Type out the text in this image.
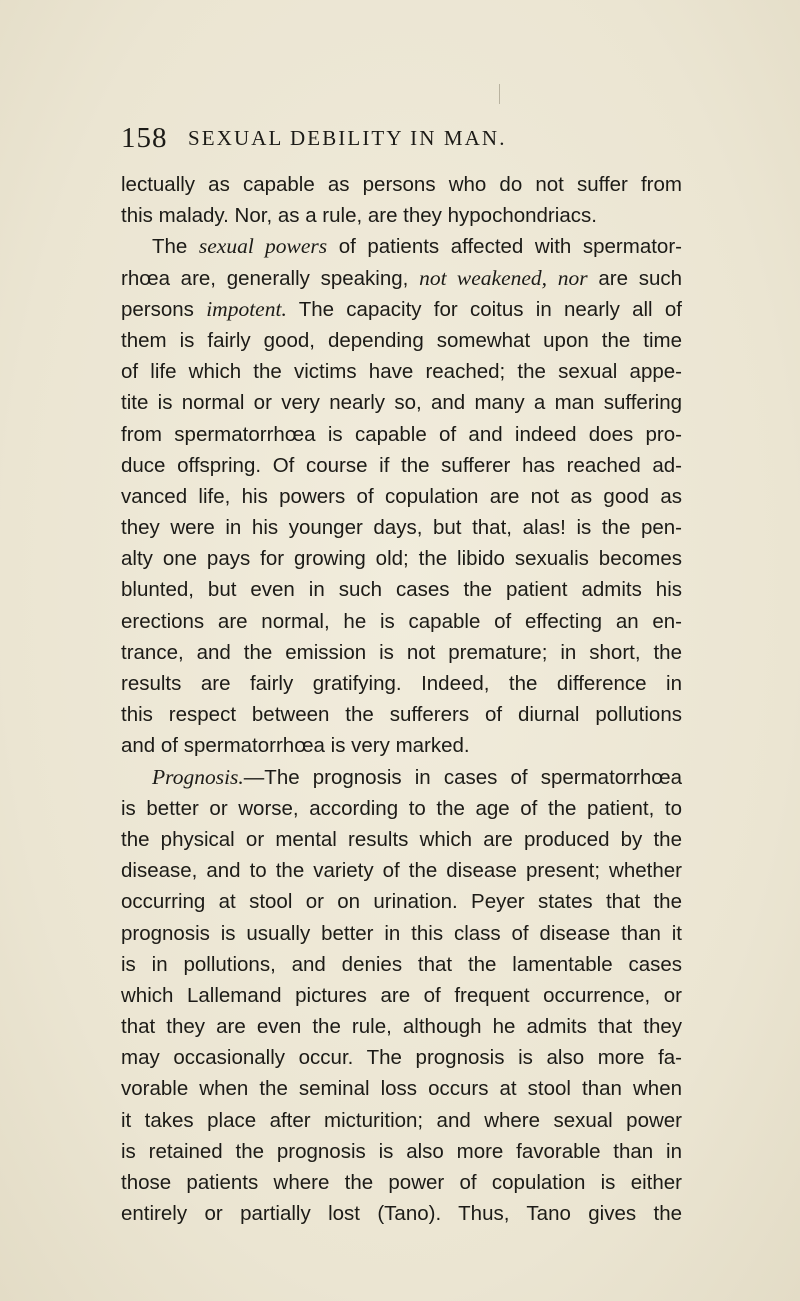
158 SEXUAL DEBILITY IN MAN.
lectually as capable as persons who do not suffer from
this malady. Nor, as a rule, are they hypochondriacs.
The sexual powers of patients affected with spermator-
rhœa are, generally speaking, not weakened, nor are such
persons impotent. The capacity for coitus in nearly all of
them is fairly good, depending somewhat upon the time
of life which the victims have reached; the sexual appe-
tite is normal or very nearly so, and many a man suffering
from spermatorrhœa is capable of and indeed does pro-
duce offspring. Of course if the sufferer has reached ad-
vanced life, his powers of copulation are not as good as
they were in his younger days, but that, alas! is the pen-
alty one pays for growing old; the libido sexualis becomes
blunted, but even in such cases the patient admits his
erections are normal, he is capable of effecting an en-
trance, and the emission is not premature; in short, the
results are fairly gratifying. Indeed, the difference in
this respect between the sufferers of diurnal pollutions
and of spermatorrhœa is very marked.
Prognosis.—The prognosis in cases of spermatorrhœa
is better or worse, according to the age of the patient, to
the physical or mental results which are produced by the
disease, and to the variety of the disease present; whether
occurring at stool or on urination. Peyer states that the
prognosis is usually better in this class of disease than it
is in pollutions, and denies that the lamentable cases
which Lallemand pictures are of frequent occurrence, or
that they are even the rule, although he admits that they
may occasionally occur. The prognosis is also more fa-
vorable when the seminal loss occurs at stool than when
it takes place after micturition; and where sexual power
is retained the prognosis is also more favorable than in
those patients where the power of copulation is either
entirely or partially lost (Tano). Thus, Tano gives the
